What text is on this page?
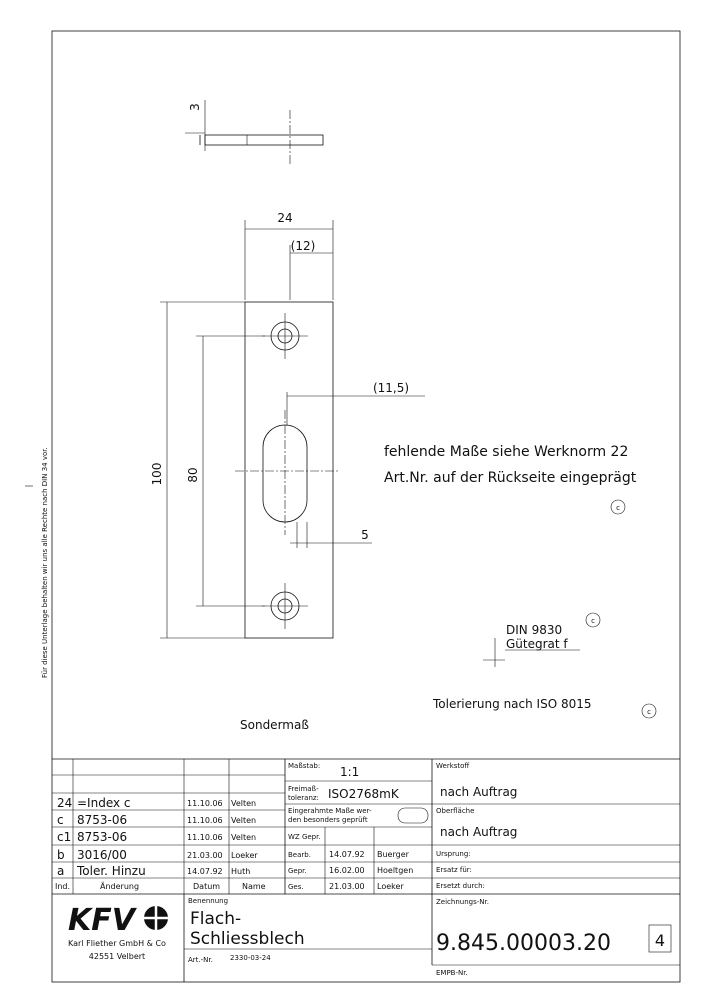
Für diese Unterlage behalten wir uns alle Rechte nach DIN 34 vor.
3
24
(12)
100 80
(11,5)
5
fehlende Maße siehe Werknorm 22
Art.Nr. auf der Rückseite eingeprägt
c
DIN 9830
Gütegrat f
c
Tolerierung nach ISO 8015
c
Sondermaß
24 =Index c	11.10.06 Velten
c 8753-06	11.10.06 Velten
c1 8753-06	11.10.06 Velten
b 3016/00	21.03.00 Loeker
a Toler. Hinzu	14.07.92 Huth
Ind.	Änderung	Datum	Name
Maßstab: 1:1
Freimaß-
toleranz: ISO2768mK
Eingerahmte Maße wer-
den besonders geprüft
WZ Gepr.
Bearb. 14.07.92 Buerger
Gepr.	16.02.00 Hoeltgen
Ges.	21.03.00 Loeker
Werkstoff
nach Auftrag
Oberfläche
nach Auftrag
Ursprung:
Ersatz für:
Ersetzt durch:
Zeichnungs-Nr.
9.845.00003.20	4
EMPB-Nr.
Benennung
Flach-
Schliessblech
Art.-Nr. 2330-03-24
KFV
Karl Fliether GmbH & Co
42551 Velbert
